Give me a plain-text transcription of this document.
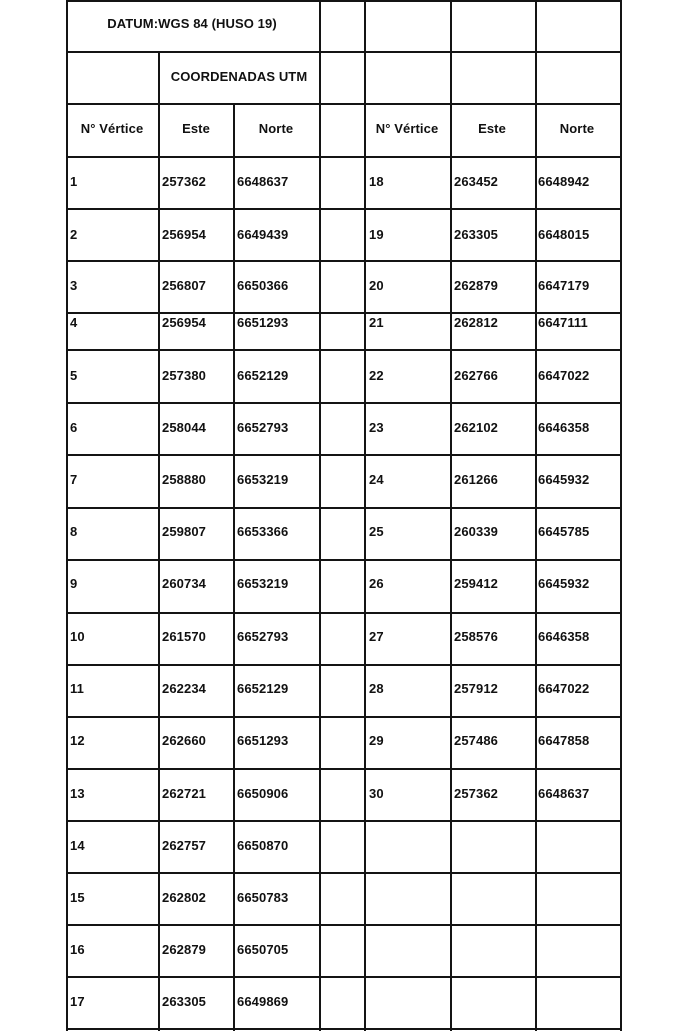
DATUM:WGS 84 (HUSO 19)
COORDENADAS UTM
N° Vértice	Este	Norte	N° Vértice	Este	Norte
1	257362 6648637
2	256954 6649439
3	256807 6650366
4	256954 6651293
5	257380 6652129
6	258044 6652793
7	258880 6653219
8	259807 6653366
9	260734 6653219
10	261570 6652793
11	262234 6652129
12	262660 6651293
13	262721 6650906
14	262757 6650870
15	262802 6650783
16	262879 6650705
17	263305 6649869
18	263452	6648942
19	263305	6648015
20	262879	6647179
21	262812	6647111
22	262766	6647022
23	262102	6646358
24	261266	6645932
25	260339	6645785
26	259412	6645932
27	258576	6646358
28	257912	6647022
29	257486	6647858
30	257362	6648637
